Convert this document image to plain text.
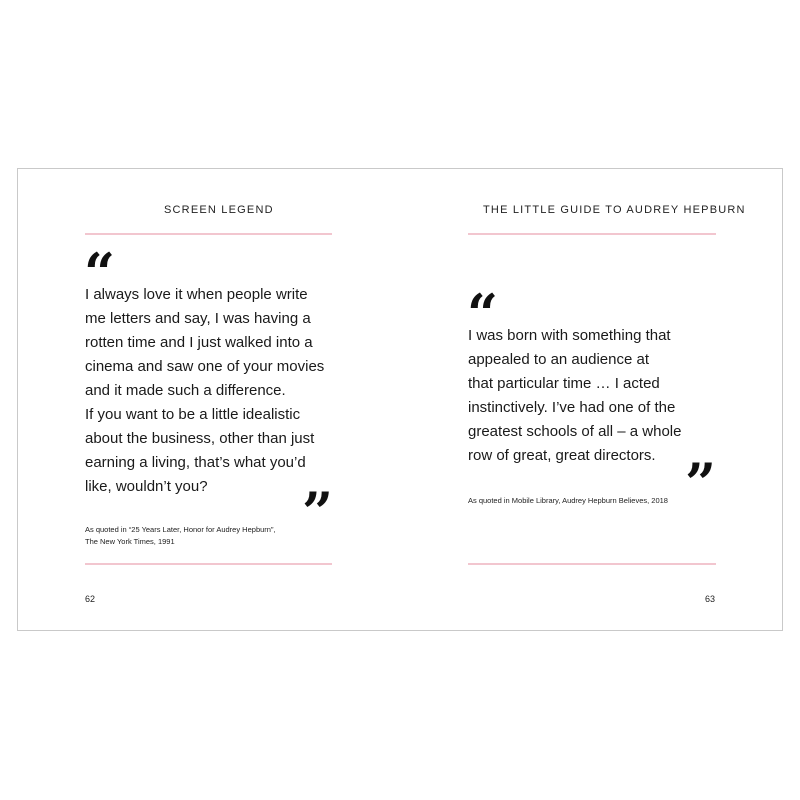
SCREEN LEGEND
“
I always love it when people write
me letters and say, I was having a
rotten time and I just walked into a
cinema and saw one of your movies
and it made such a difference.
If you want to be a little idealistic
about the business, other than just
earning a living, that’s what you’d
like, wouldn’t you?	”
As quoted in “25 Years Later, Honor for Audrey Hepburn”,
The New York Times, 1991
62
THE LITTLE GUIDE TO AUDREY HEPBURN
“
I was born with something that
appealed to an audience at
that particular time … I acted
instinctively. I’ve had one of the
greatest schools of all – a whole
row of great, great directors. ”
As quoted in Mobile Library, Audrey Hepburn Believes, 2018
63
